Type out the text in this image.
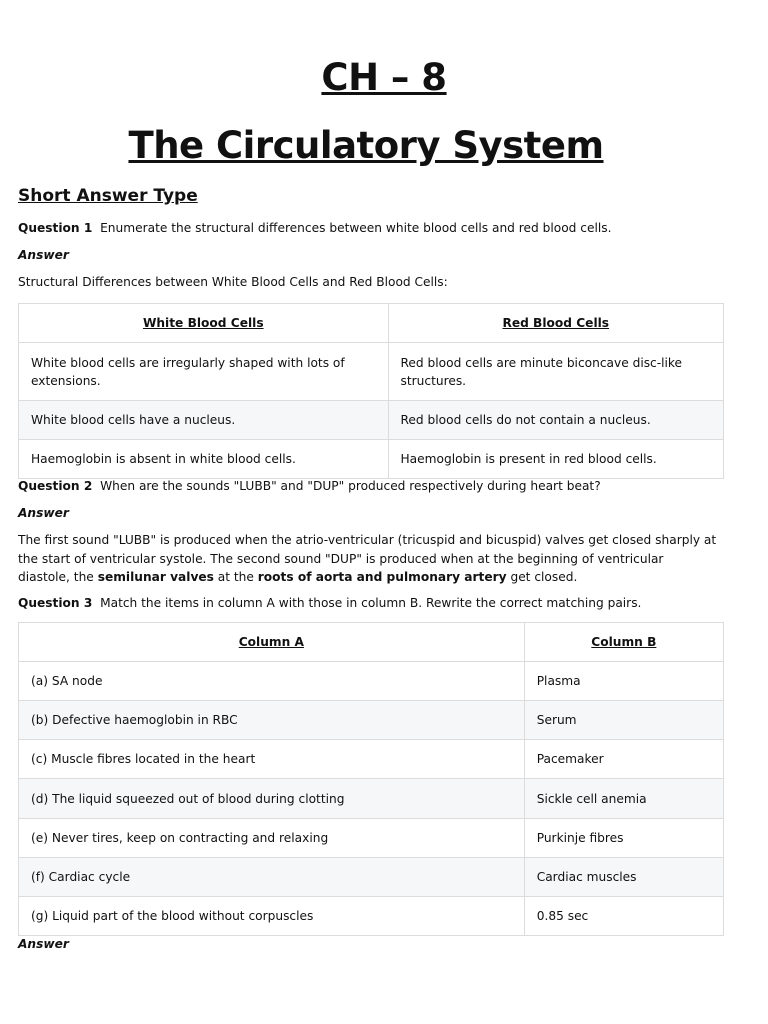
CH – 8
The Circulatory System
Short Answer Type
Question 1 Enumerate the structural differences between white blood cells and red blood cells.
Answer
Structural Differences between White Blood Cells and Red Blood Cells:
White Blood Cells	Red Blood Cells
White blood cells are irregularly shaped with lots of extensions.	Red blood cells are minute biconcave disc-like structures.
White blood cells have a nucleus.	Red blood cells do not contain a nucleus.
Haemoglobin is absent in white blood cells.	Haemoglobin is present in red blood cells.
Question 2 When are the sounds "LUBB" and "DUP" produced respectively during heart beat?
Answer
The first sound "LUBB" is produced when the atrio-ventricular (tricuspid and bicuspid) valves get closed sharply at the start of ventricular systole. The second sound "DUP" is produced when at the beginning of ventricular diastole, the semilunar valves at the roots of aorta and pulmonary artery get closed.
Question 3 Match the items in column A with those in column B. Rewrite the correct matching pairs.
Column A	Column B
(a) SA node	Plasma
(b) Defective haemoglobin in RBC	Serum
(c) Muscle fibres located in the heart	Pacemaker
(d) The liquid squeezed out of blood during clotting	Sickle cell anemia
(e) Never tires, keep on contracting and relaxing	Purkinje fibres
(f) Cardiac cycle	Cardiac muscles
(g) Liquid part of the blood without corpuscles	0.85 sec
Answer
